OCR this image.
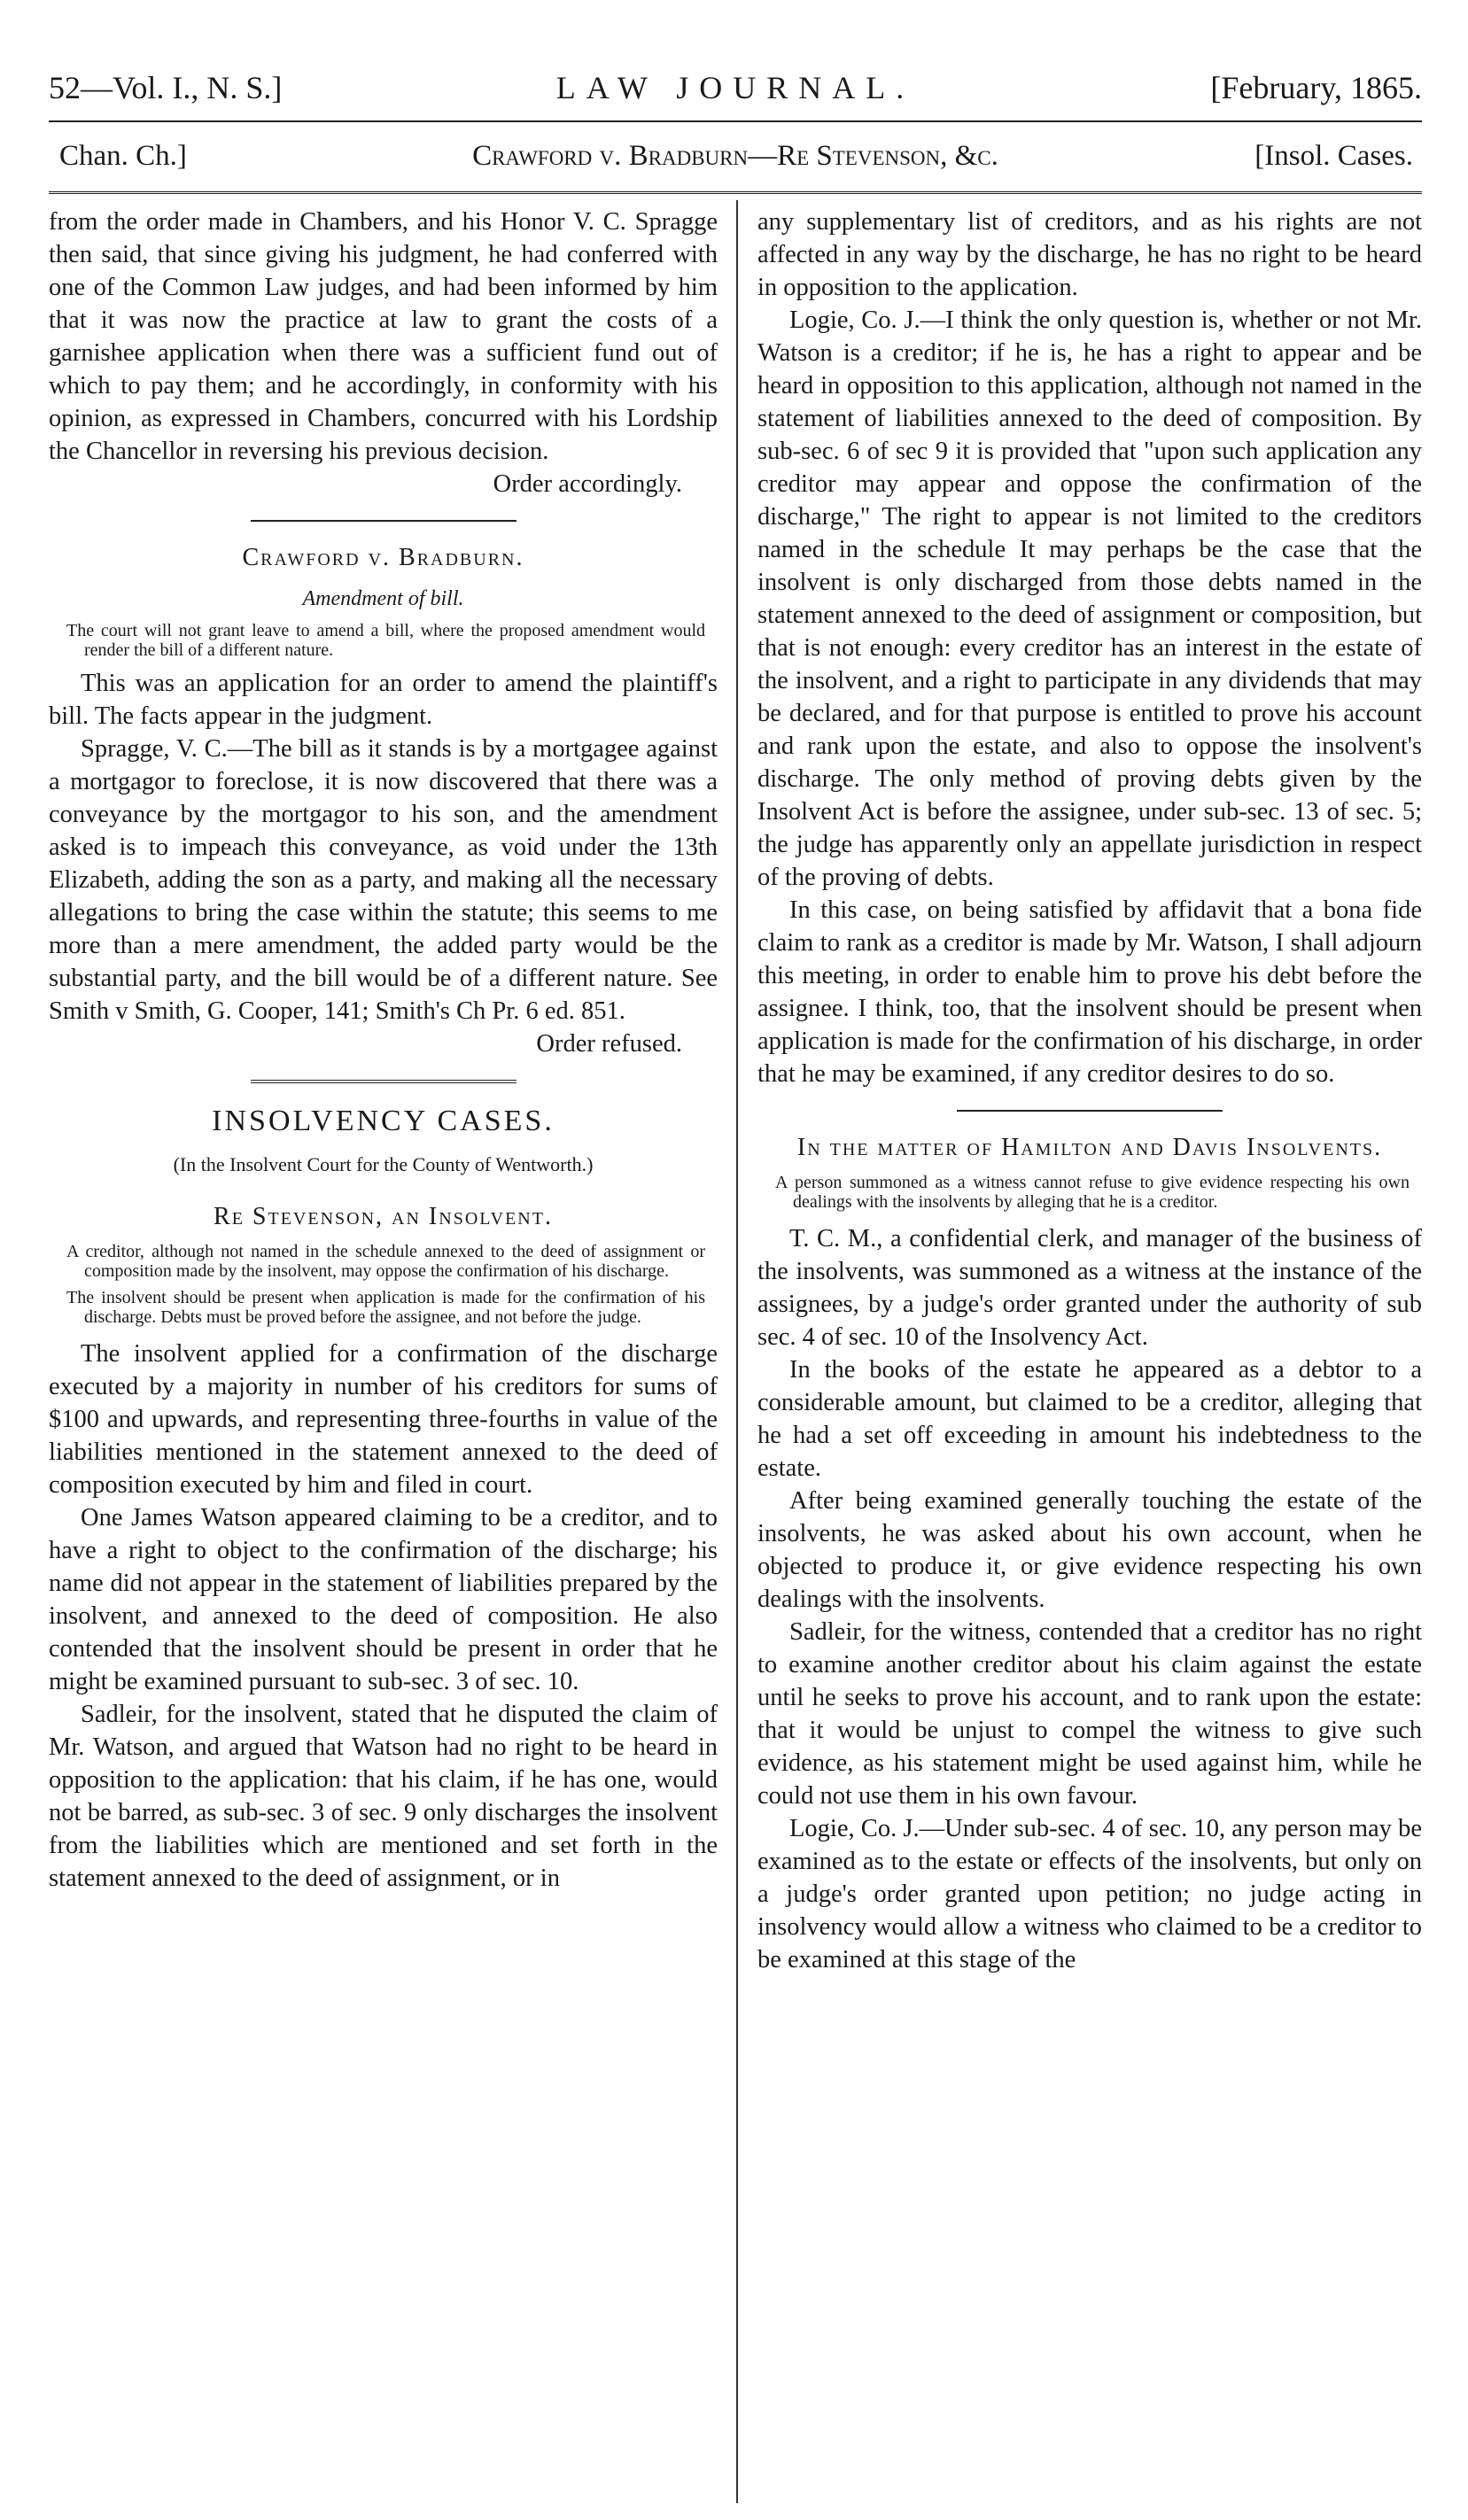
52—Vol. I., N. S.]	LAW JOURNAL.	[February, 1865.
Chan. Ch.]	Crawford v. Bradburn—Re Stevenson, &c.	[Insol. Cases.

from the order made in Chambers, and his Honor V. C. Spragge then said, that since giving his judgment, he had conferred with one of the Common Law judges, and had been informed by him that it was now the practice at law to grant the costs of a garnishee application when there was a sufficient fund out of which to pay them; and he accordingly, in conformity with his opinion, as expressed in Chambers, concurred with his Lordship the Chancellor in reversing his previous decision.

Order accordingly.

Crawford v. Bradburn.

Amendment of bill.

The court will not grant leave to amend a bill, where the proposed amendment would render the bill of a different nature.

This was an application for an order to amend the plaintiff's bill. The facts appear in the judgment.

Spragge, V. C.—The bill as it stands is by a mortgagee against a mortgagor to foreclose, it is now discovered that there was a conveyance by the mortgagor to his son, and the amendment asked is to impeach this conveyance, as void under the 13th Elizabeth, adding the son as a party, and making all the necessary allegations to bring the case within the statute; this seems to me more than a mere amendment, the added party would be the substantial party, and the bill would be of a different nature. See Smith v Smith, G. Cooper, 141; Smith's Ch Pr. 6 ed. 851.

Order refused.

INSOLVENCY CASES.

(In the Insolvent Court for the County of Wentworth.)

Re Stevenson, an Insolvent.

A creditor, although not named in the schedule annexed to the deed of assignment or composition made by the insolvent, may oppose the confirmation of his discharge.

The insolvent should be present when application is made for the confirmation of his discharge. Debts must be proved before the assignee, and not before the judge.

The insolvent applied for a confirmation of the discharge executed by a majority in number of his creditors for sums of $100 and upwards, and representing three-fourths in value of the liabilities mentioned in the statement annexed to the deed of composition executed by him and filed in court.

One James Watson appeared claiming to be a creditor, and to have a right to object to the confirmation of the discharge; his name did not appear in the statement of liabilities prepared by the insolvent, and annexed to the deed of composition. He also contended that the insolvent should be present in order that he might be examined pursuant to sub-sec. 3 of sec. 10.

Sadleir, for the insolvent, stated that he disputed the claim of Mr. Watson, and argued that Watson had no right to be heard in opposition to the application: that his claim, if he has one, would not be barred, as sub-sec. 3 of sec. 9 only discharges the insolvent from the liabilities which are mentioned and set forth in the statement annexed to the deed of assignment, or in

any supplementary list of creditors, and as his rights are not affected in any way by the discharge, he has no right to be heard in opposition to the application.

Logie, Co. J.—I think the only question is, whether or not Mr. Watson is a creditor; if he is, he has a right to appear and be heard in opposition to this application, although not named in the statement of liabilities annexed to the deed of composition. By sub-sec. 6 of sec 9 it is provided that "upon such application any creditor may appear and oppose the confirmation of the discharge," The right to appear is not limited to the creditors named in the schedule It may perhaps be the case that the insolvent is only discharged from those debts named in the statement annexed to the deed of assignment or composition, but that is not enough: every creditor has an interest in the estate of the insolvent, and a right to participate in any dividends that may be declared, and for that purpose is entitled to prove his account and rank upon the estate, and also to oppose the insolvent's discharge. The only method of proving debts given by the Insolvent Act is before the assignee, under sub-sec. 13 of sec. 5; the judge has apparently only an appellate jurisdiction in respect of the proving of debts.

In this case, on being satisfied by affidavit that a bona fide claim to rank as a creditor is made by Mr. Watson, I shall adjourn this meeting, in order to enable him to prove his debt before the assignee. I think, too, that the insolvent should be present when application is made for the confirmation of his discharge, in order that he may be examined, if any creditor desires to do so.

In the matter of Hamilton and Davis Insolvents.

A person summoned as a witness cannot refuse to give evidence respecting his own dealings with the insolvents by alleging that he is a creditor.

T. C. M., a confidential clerk, and manager of the business of the insolvents, was summoned as a witness at the instance of the assignees, by a judge's order granted under the authority of sub sec. 4 of sec. 10 of the Insolvency Act.

In the books of the estate he appeared as a debtor to a considerable amount, but claimed to be a creditor, alleging that he had a set off exceeding in amount his indebtedness to the estate.

After being examined generally touching the estate of the insolvents, he was asked about his own account, when he objected to produce it, or give evidence respecting his own dealings with the insolvents.

Sadleir, for the witness, contended that a creditor has no right to examine another creditor about his claim against the estate until he seeks to prove his account, and to rank upon the estate: that it would be unjust to compel the witness to give such evidence, as his statement might be used against him, while he could not use them in his own favour.

Logie, Co. J.—Under sub-sec. 4 of sec. 10, any person may be examined as to the estate or effects of the insolvents, but only on a judge's order granted upon petition; no judge acting in insolvency would allow a witness who claimed to be a creditor to be examined at this stage of the
